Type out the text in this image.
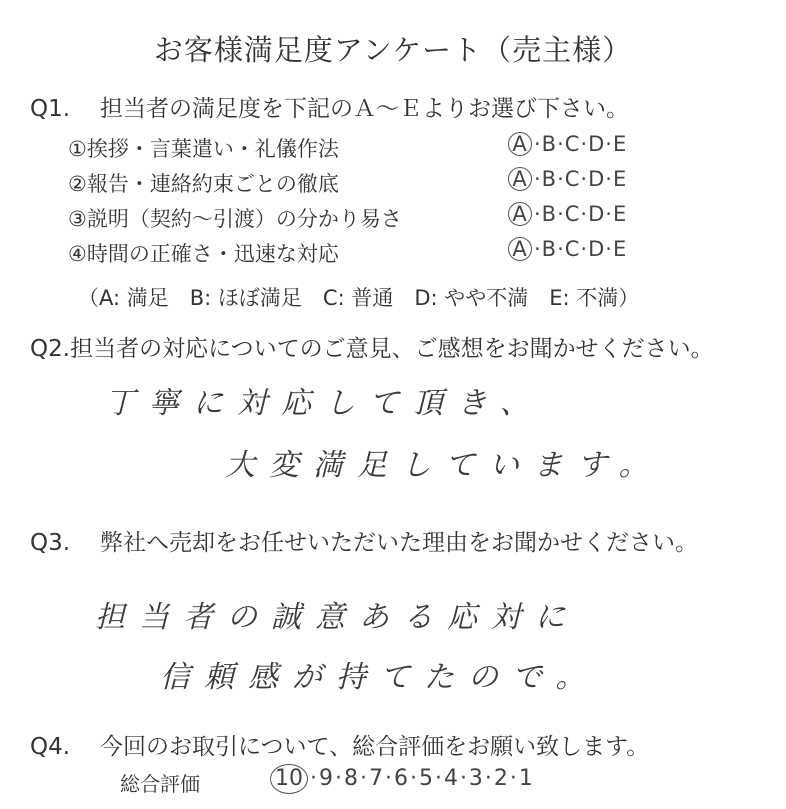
お客様満足度アンケート（売主様）
Q1. 担当者の満足度を下記のＡ～Ｅよりお選び下さい。
①挨拶・言葉遣い・礼儀作法	A ·B·C·D·E
②報告・連絡約束ごとの徹底	A ·B·C·D·E
③説明（契約～引渡）の分かり易さ	A ·B·C·D·E
④時間の正確さ・迅速な対応	A ·B·C·D·E
（A: 満足　B: ほぼ満足　C: 普通　D: やや不満　E: 不満）
Q2.担当者の対応についてのご意見、ご感想をお聞かせください。
丁寧に対応して頂き、
大変満足しています。
Q3. 弊社へ売却をお任せいただいた理由をお聞かせください。
担当者の誠意ある応対に
信頼感が持てたので。
Q4. 今回のお取引について、総合評価をお願い致します。
総合評価	10 ·9·8·7·6·5·4·3·2·1
